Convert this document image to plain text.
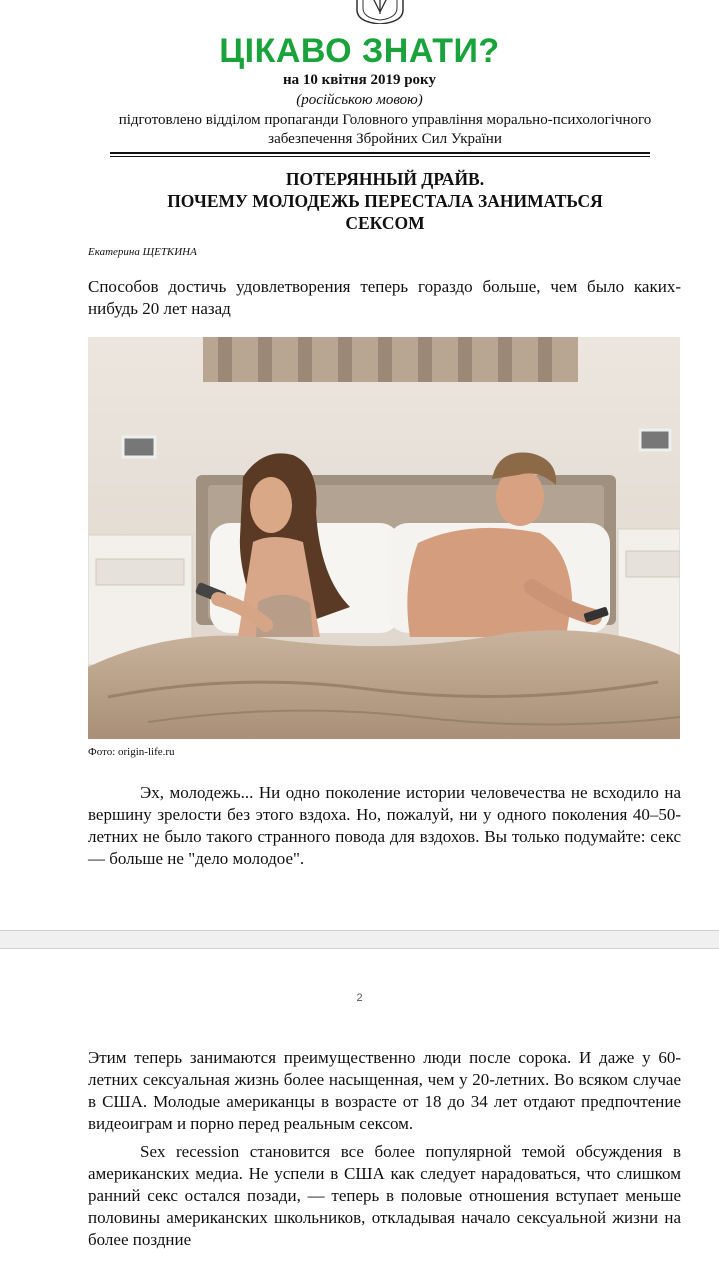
ЦІКАВО ЗНАТИ?
на 10 квітня 2019 року
(російською мовою)
підготовлено відділом пропаганди Головного управління морально-психологічного забезпечення Збройних Сил України
ПОТЕРЯННЫЙ ДРАЙВ.
ПОЧЕМУ МОЛОДЕЖЬ ПЕРЕСТАЛА ЗАНИМАТЬСЯ
СЕКСОМ
Екатерина ЩЕТКИНА
Способов достичь удовлетворения теперь гораздо больше, чем было каких-нибудь 20 лет назад
Фото: origin-life.ru

Эх, молодежь... Ни одно поколение истории человечества не всходило на вершину зрелости без этого вздоха. Но, пожалуй, ни у одного поколения 40–50-летних не было такого странного повода для вздохов. Вы только подумайте: секс — больше не "дело молодое".

2

Этим теперь занимаются преимущественно люди после сорока. И даже у 60-летних сексуальная жизнь более насыщенная, чем у 20-летних. Во всяком случае в США. Молодые американцы в возрасте от 18 до 34 лет отдают предпочтение видеоиграм и порно перед реальным сексом.

Sex recession становится все более популярной темой обсуждения в американских медиа. Не успели в США как следует нарадоваться, что слишком ранний секс остался позади, — теперь в половые отношения вступает меньше половины американских школьников, откладывая начало сексуальной жизни на более поздние
